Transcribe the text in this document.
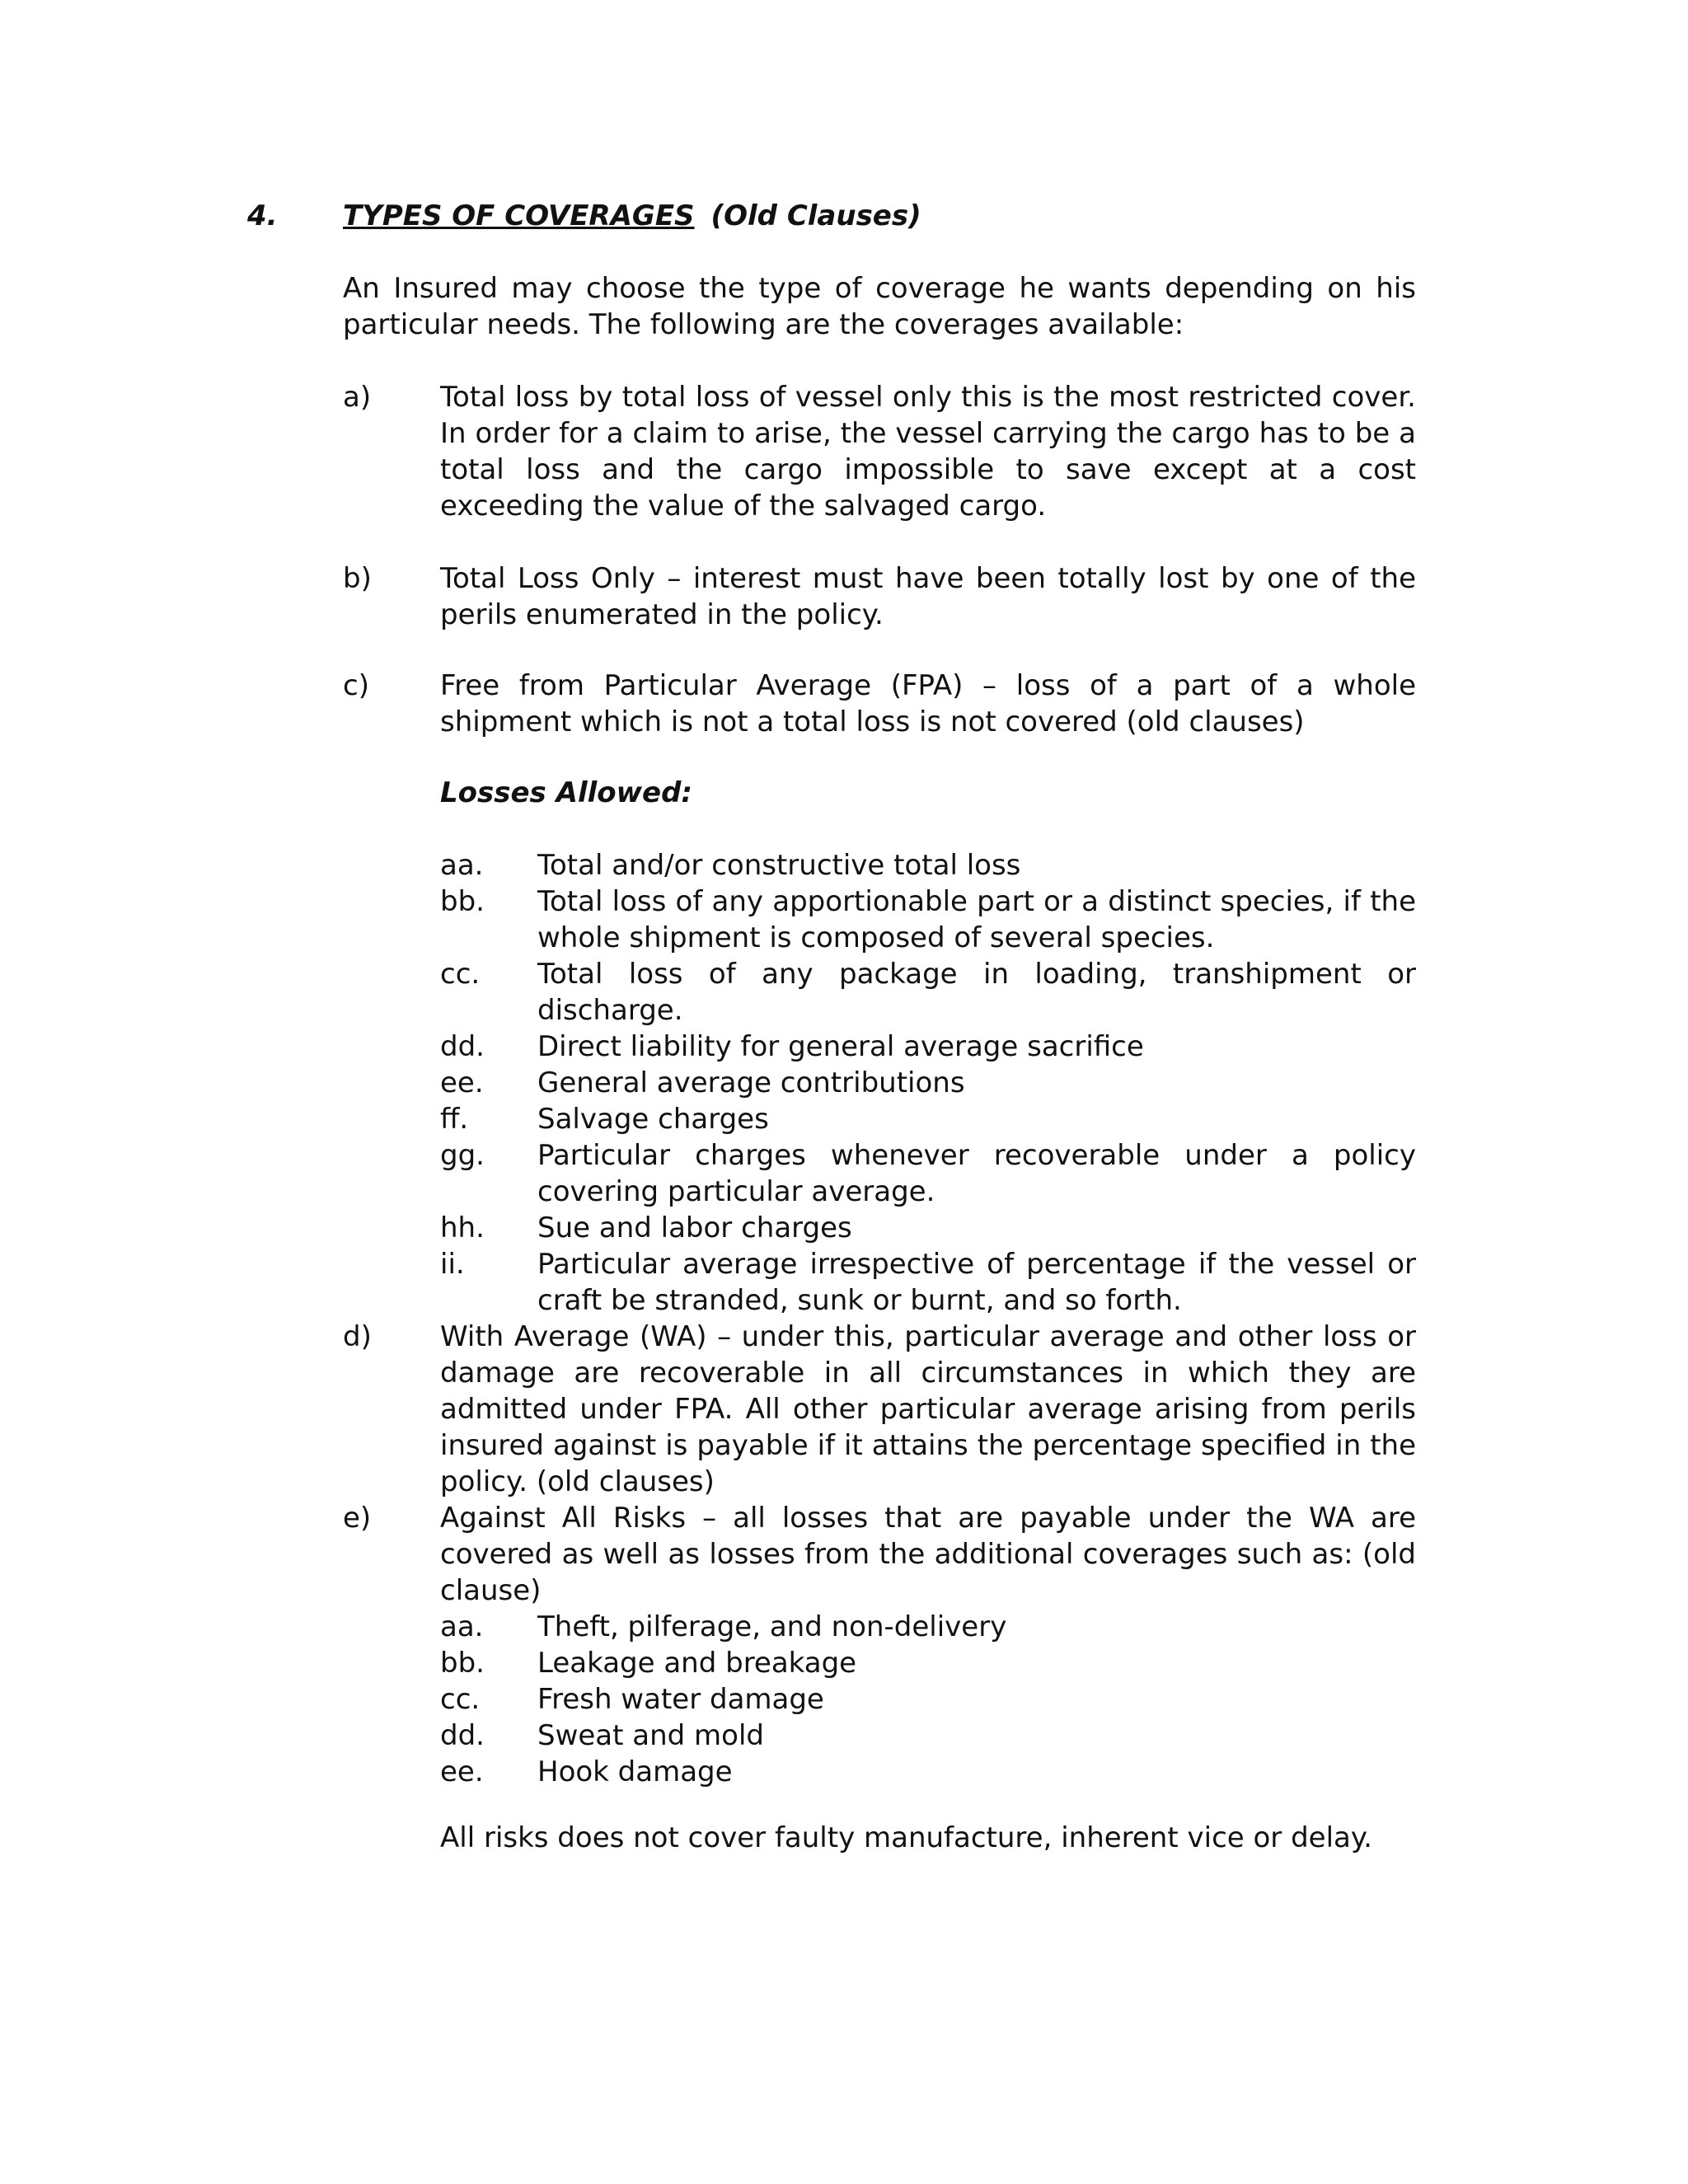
4. TYPES OF COVERAGES (Old Clauses)
An Insured may choose the type of coverage he wants depending on his particular needs. The following are the coverages available:
a) Total loss by total loss of vessel only this is the most restricted cover. In order for a claim to arise, the vessel carrying the cargo has to be a total loss and the cargo impossible to save except at a cost exceeding the value of the salvaged cargo.
b) Total Loss Only – interest must have been totally lost by one of the perils enumerated in the policy.
c)	Free from Particular Average (FPA) – loss of a part of a whole shipment which is not a total loss is not covered (old clauses)
Losses Allowed:
aa. Total and/or constructive total loss
bb. Total loss of any apportionable part or a distinct species, if the whole shipment is composed of several species.
cc. Total loss of any package in loading, transhipment or discharge.
dd. Direct liability for general average sacrifice
ee. General average contributions
ff. Salvage charges
gg. Particular charges whenever recoverable under a policy covering particular average.
hh. Sue and labor charges
ii.	Particular average irrespective of percentage if the vessel or craft be stranded, sunk or burnt, and so forth.
d) With Average (WA) – under this, particular average and other loss or damage are recoverable in all circumstances in which they are admitted under FPA. All other particular average arising from perils insured against is payable if it attains the percentage specified in the policy. (old clauses)
e) Against All Risks – all losses that are payable under the WA are covered as well as losses from the additional coverages such as: (old clause)
aa. Theft, pilferage, and non-delivery
bb. Leakage and breakage
cc. Fresh water damage
dd. Sweat and mold
ee. Hook damage
All risks does not cover faulty manufacture, inherent vice or delay.
